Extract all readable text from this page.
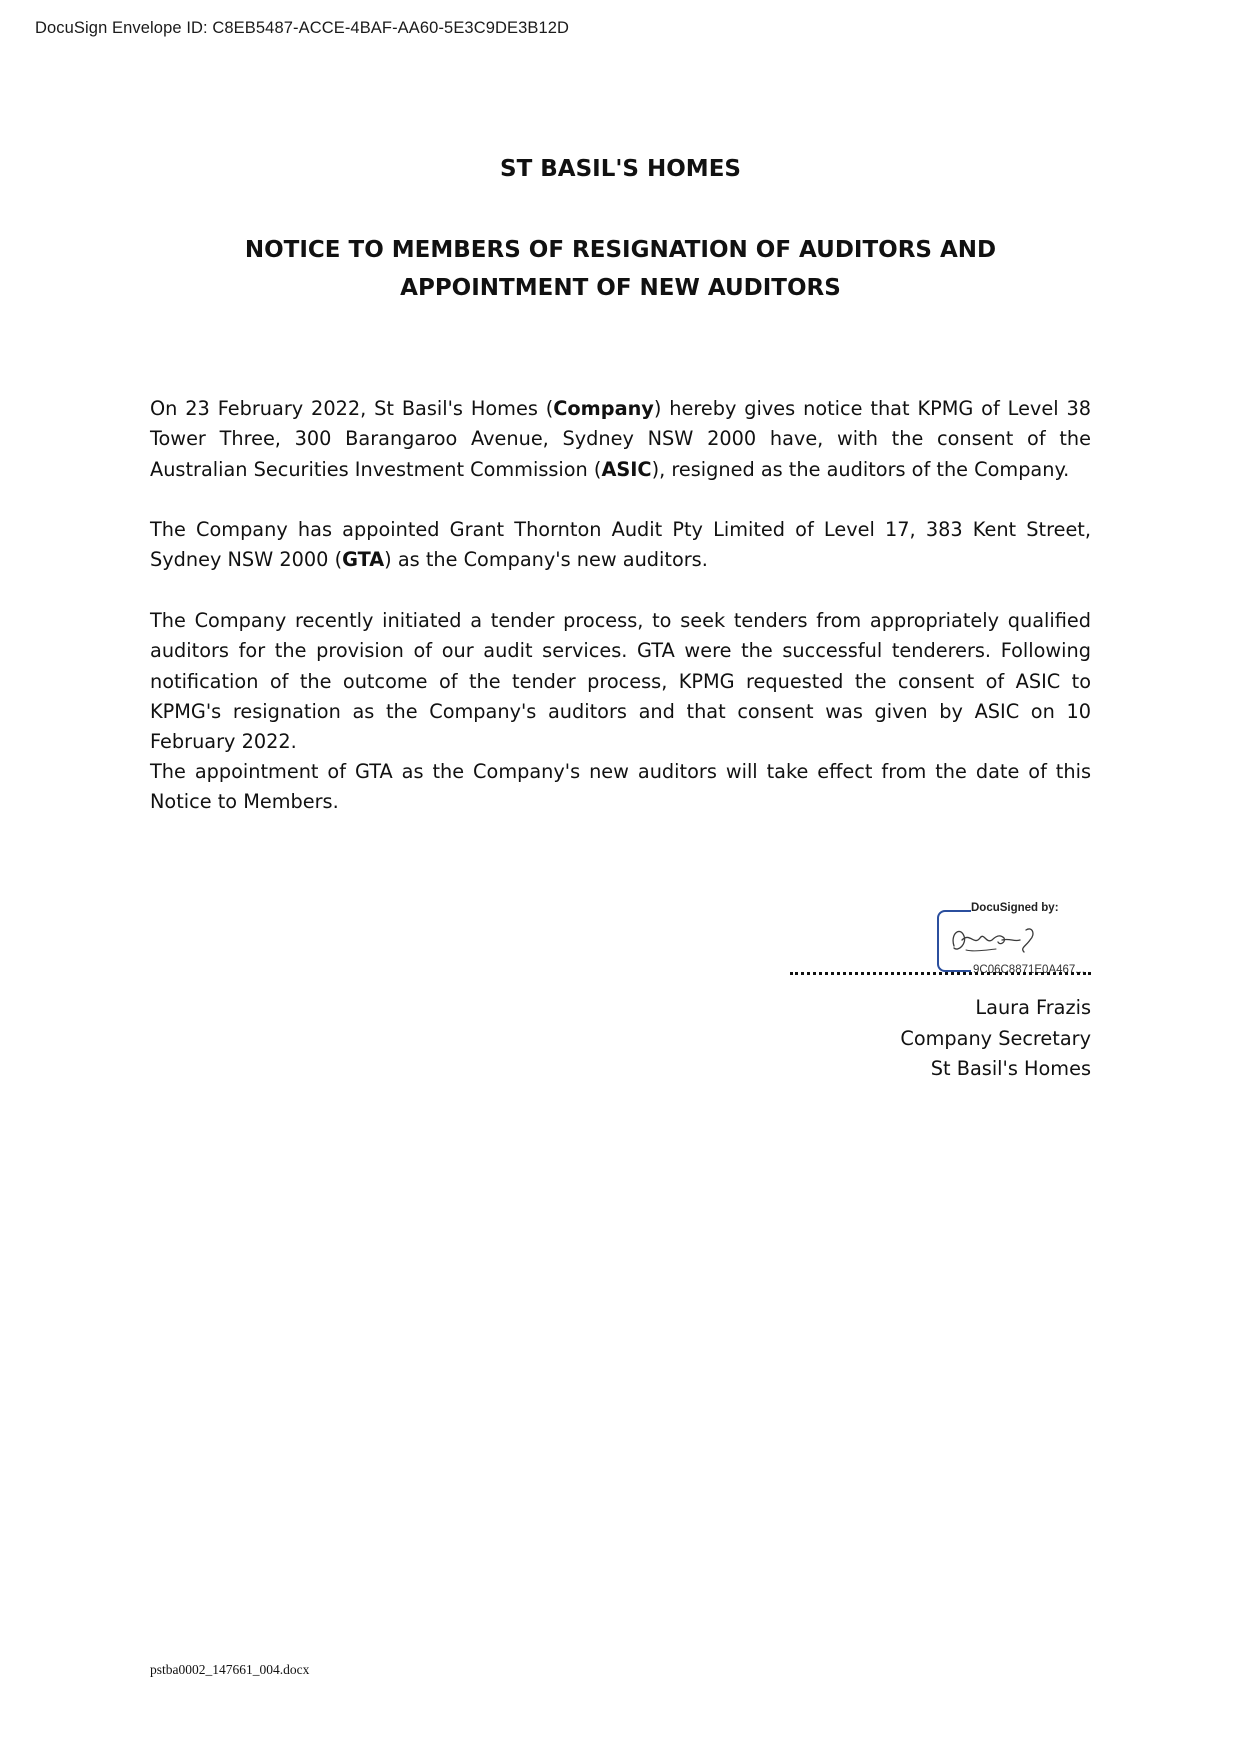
DocuSign Envelope ID: C8EB5487-ACCE-4BAF-AA60-5E3C9DE3B12D
ST BASIL'S HOMES
NOTICE TO MEMBERS OF RESIGNATION OF AUDITORS AND
APPOINTMENT OF NEW AUDITORS
On 23 February 2022, St Basil's Homes (Company) hereby gives notice that KPMG of Level 38 Tower Three, 300 Barangaroo Avenue, Sydney NSW 2000 have, with the consent of the Australian Securities Investment Commission (ASIC), resigned as the auditors of the Company.
The Company has appointed Grant Thornton Audit Pty Limited of Level 17, 383 Kent Street, Sydney NSW 2000 (GTA) as the Company's new auditors.
The Company recently initiated a tender process, to seek tenders from appropriately qualified auditors for the provision of our audit services. GTA were the successful tenderers. Following notification of the outcome of the tender process, KPMG requested the consent of ASIC to KPMG's resignation as the Company's auditors and that consent was given by ASIC on 10 February 2022.
The appointment of GTA as the Company's new auditors will take effect from the date of this Notice to Members.
DocuSigned by:
9C06C8871E0A467...
Laura Frazis
Company Secretary
St Basil's Homes
pstba0002_147661_004.docx
